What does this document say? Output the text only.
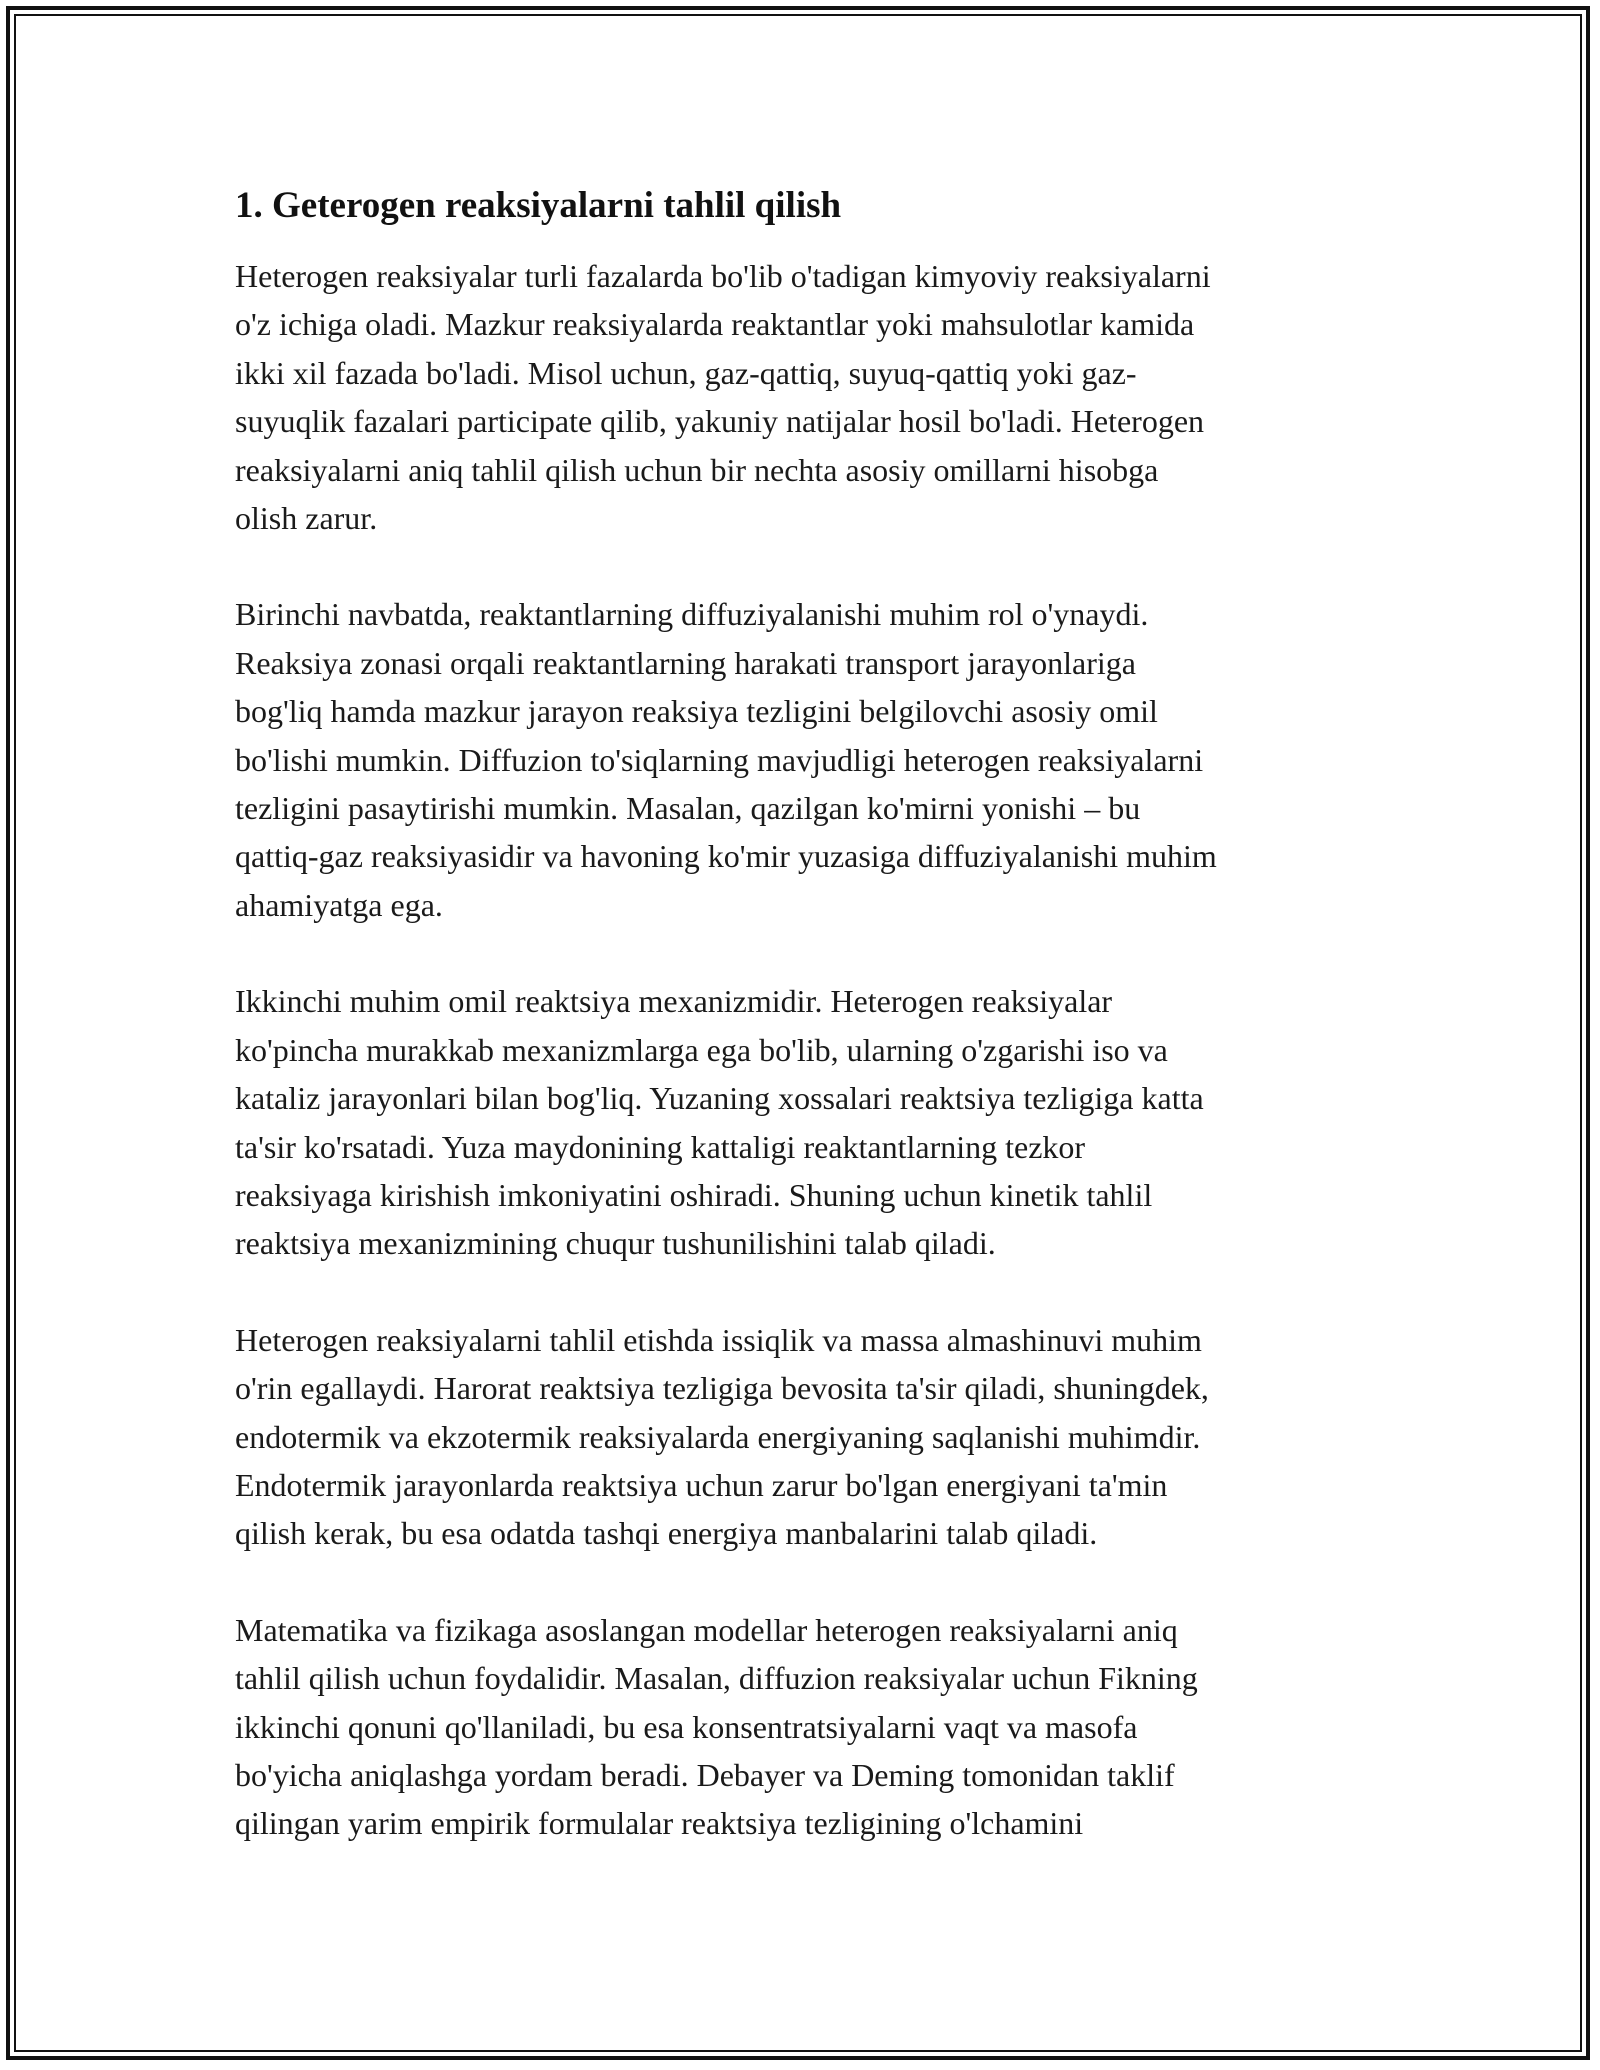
1. Geterogen reaksiyalarni tahlil qilish

Heterogen reaksiyalar turli fazalarda bo'lib o'tadigan kimyoviy reaksiyalarni
o'z ichiga oladi. Mazkur reaksiyalarda reaktantlar yoki mahsulotlar kamida
ikki xil fazada bo'ladi. Misol uchun, gaz-qattiq, suyuq-qattiq yoki gaz-
suyuqlik fazalari participate qilib, yakuniy natijalar hosil bo'ladi. Heterogen
reaksiyalarni aniq tahlil qilish uchun bir nechta asosiy omillarni hisobga
olish zarur.

Birinchi navbatda, reaktantlarning diffuziyalanishi muhim rol o'ynaydi.
Reaksiya zonasi orqali reaktantlarning harakati transport jarayonlariga
bog'liq hamda mazkur jarayon reaksiya tezligini belgilovchi asosiy omil
bo'lishi mumkin. Diffuzion to'siqlarning mavjudligi heterogen reaksiyalarni
tezligini pasaytirishi mumkin. Masalan, qazilgan ko'mirni yonishi – bu
qattiq-gaz reaksiyasidir va havoning ko'mir yuzasiga diffuziyalanishi muhim
ahamiyatga ega.

Ikkinchi muhim omil reaktsiya mexanizmidir. Heterogen reaksiyalar
ko'pincha murakkab mexanizmlarga ega bo'lib, ularning o'zgarishi iso va
kataliz jarayonlari bilan bog'liq. Yuzaning xossalari reaktsiya tezligiga katta
ta'sir ko'rsatadi. Yuza maydonining kattaligi reaktantlarning tezkor
reaksiyaga kirishish imkoniyatini oshiradi. Shuning uchun kinetik tahlil
reaktsiya mexanizmining chuqur tushunilishini talab qiladi.

Heterogen reaksiyalarni tahlil etishda issiqlik va massa almashinuvi muhim
o'rin egallaydi. Harorat reaktsiya tezligiga bevosita ta'sir qiladi, shuningdek,
endotermik va ekzotermik reaksiyalarda energiyaning saqlanishi muhimdir.
Endotermik jarayonlarda reaktsiya uchun zarur bo'lgan energiyani ta'min
qilish kerak, bu esa odatda tashqi energiya manbalarini talab qiladi.

Matematika va fizikaga asoslangan modellar heterogen reaksiyalarni aniq
tahlil qilish uchun foydalidir. Masalan, diffuzion reaksiyalar uchun Fikning
ikkinchi qonuni qo'llaniladi, bu esa konsentratsiyalarni vaqt va masofa
bo'yicha aniqlashga yordam beradi. Debayer va Deming tomonidan taklif
qilingan yarim empirik formulalar reaktsiya tezligining o'lchamini
